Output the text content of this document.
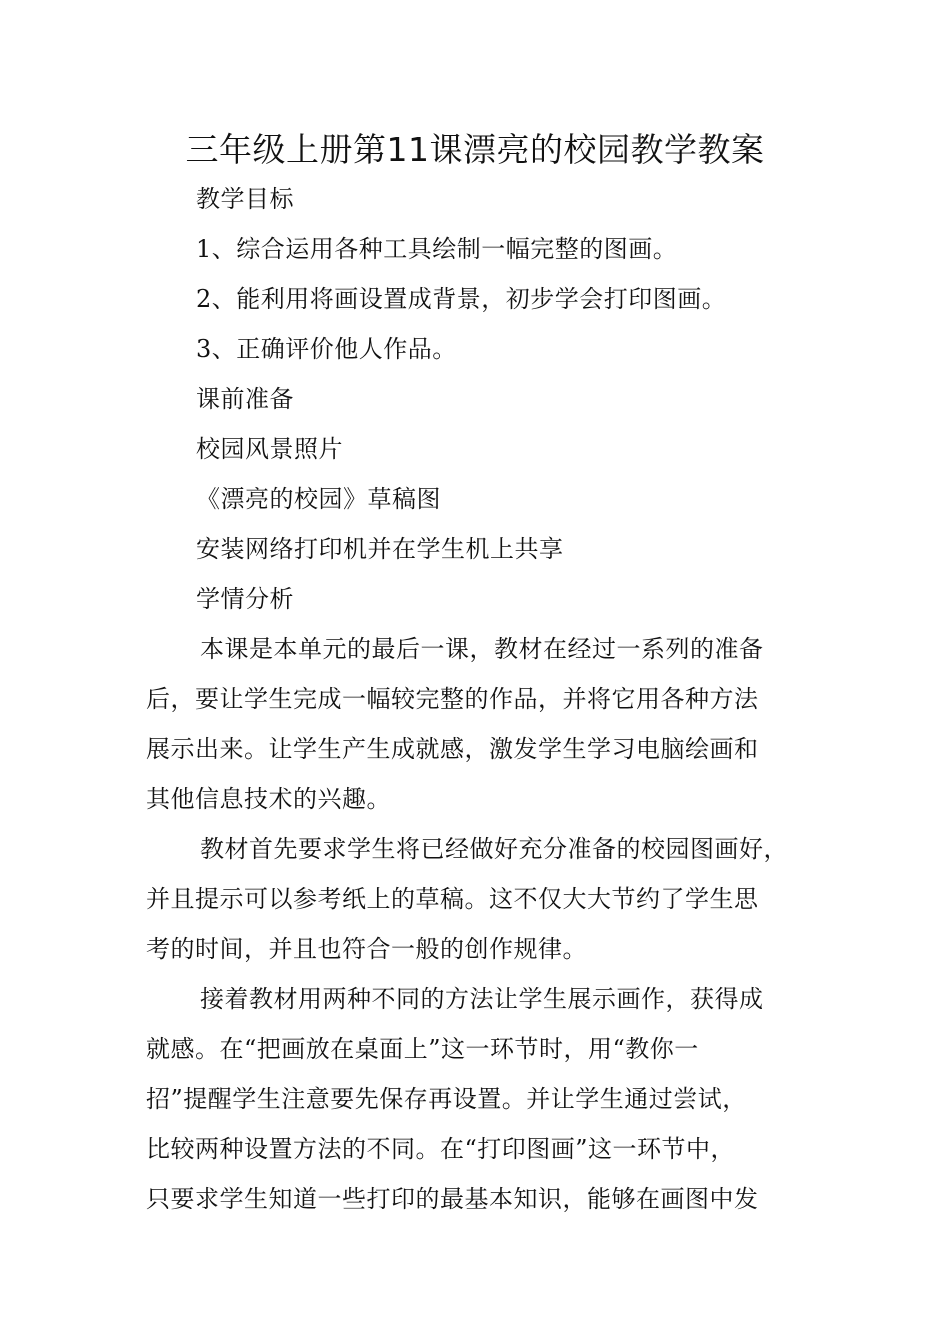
三年级上册第11课漂亮的校园教学教案
教学目标
1、综合运用各种工具绘制一幅完整的图画。
2、能利用将画设置成背景，初步学会打印图画。
3、正确评价他人作品。
课前准备
校园风景照片
《漂亮的校园》草稿图
安装网络打印机并在学生机上共享
学情分析
本课是本单元的最后一课，教材在经过一系列的准备
后，要让学生完成一幅较完整的作品，并将它用各种方法
展示出来。让学生产生成就感，激发学生学习电脑绘画和
其他信息技术的兴趣。
教材首先要求学生将已经做好充分准备的校园图画好，
并且提示可以参考纸上的草稿。这不仅大大节约了学生思
考的时间，并且也符合一般的创作规律。
接着教材用两种不同的方法让学生展示画作，获得成
就感。在“把画放在桌面上”这一环节时，用“教你一
招”提醒学生注意要先保存再设置。并让学生通过尝试，
比较两种设置方法的不同。在“打印图画”这一环节中，
只要求学生知道一些打印的最基本知识，能够在画图中发
